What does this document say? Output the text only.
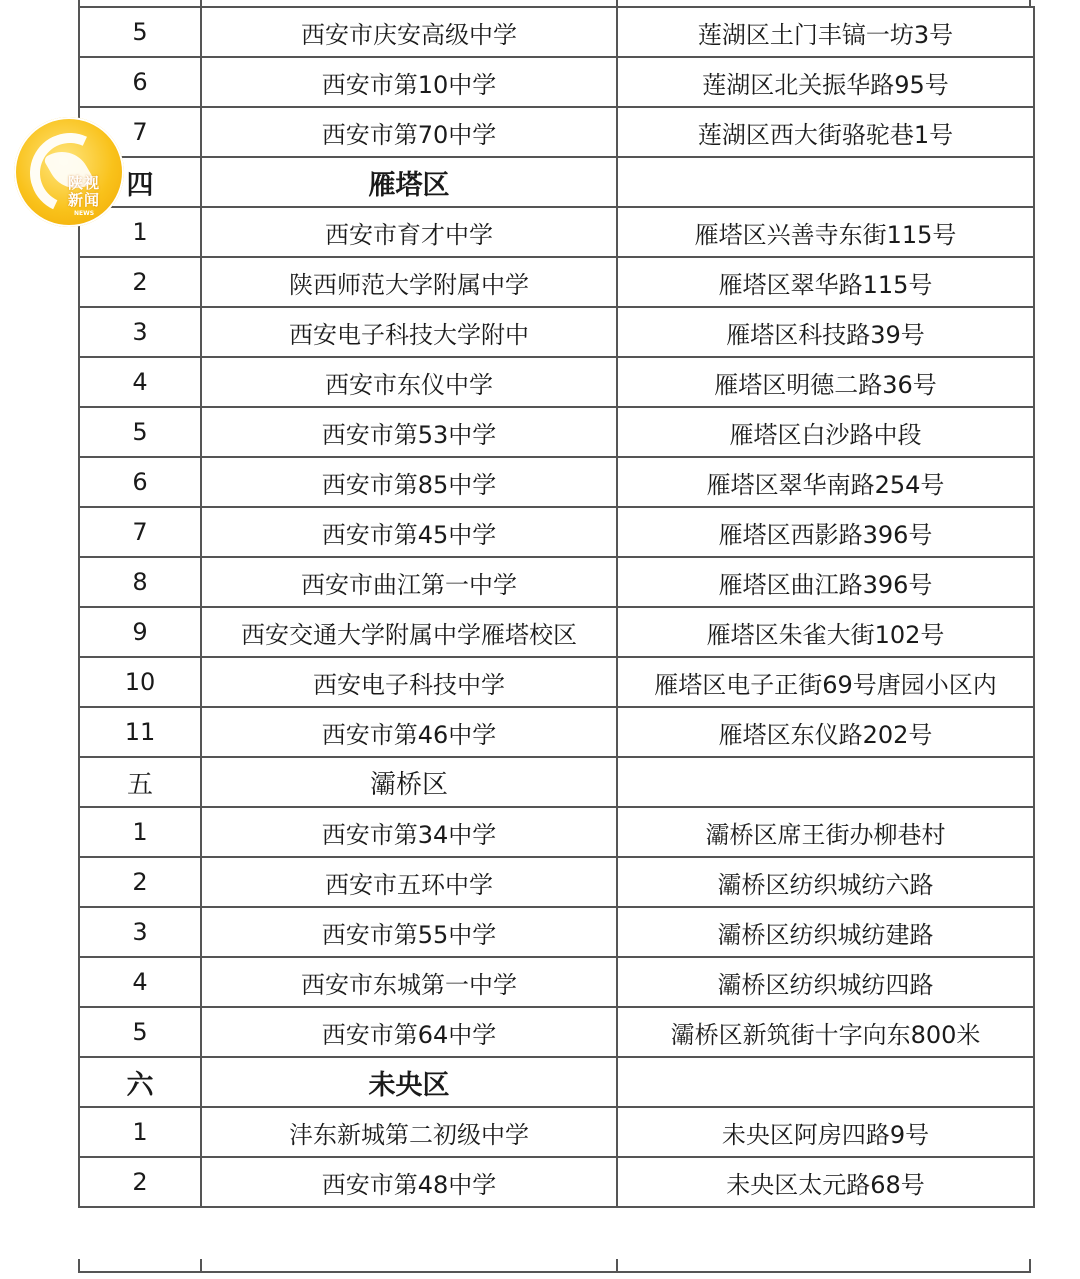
5	西安市庆安高级中学	莲湖区土门丰镐一坊3号
6	西安市第10中学	莲湖区北关振华路95号
7	西安市第70中学	莲湖区西大街骆驼巷1号
四	雁塔区	
1	西安市育才中学	雁塔区兴善寺东街115号
2	陕西师范大学附属中学	雁塔区翠华路115号
3	西安电子科技大学附中	雁塔区科技路39号
4	西安市东仪中学	雁塔区明德二路36号
5	西安市第53中学	雁塔区白沙路中段
6	西安市第85中学	雁塔区翠华南路254号
7	西安市第45中学	雁塔区西影路396号
8	西安市曲江第一中学	雁塔区曲江路396号
9	西安交通大学附属中学雁塔校区	雁塔区朱雀大街102号
10	西安电子科技中学	雁塔区电子正街69号唐园小区内
11	西安市第46中学	雁塔区东仪路202号
五	灞桥区	
1	西安市第34中学	灞桥区席王街办柳巷村
2	西安市五环中学	灞桥区纺织城纺六路
3	西安市第55中学	灞桥区纺织城纺建路
4	西安市东城第一中学	灞桥区纺织城纺四路
5	西安市第64中学	灞桥区新筑街十字向东800米
六	未央区	
1	沣东新城第二初级中学	未央区阿房四路9号
2	西安市第48中学	未央区太元路68号
陕视
新闻
NEWS
